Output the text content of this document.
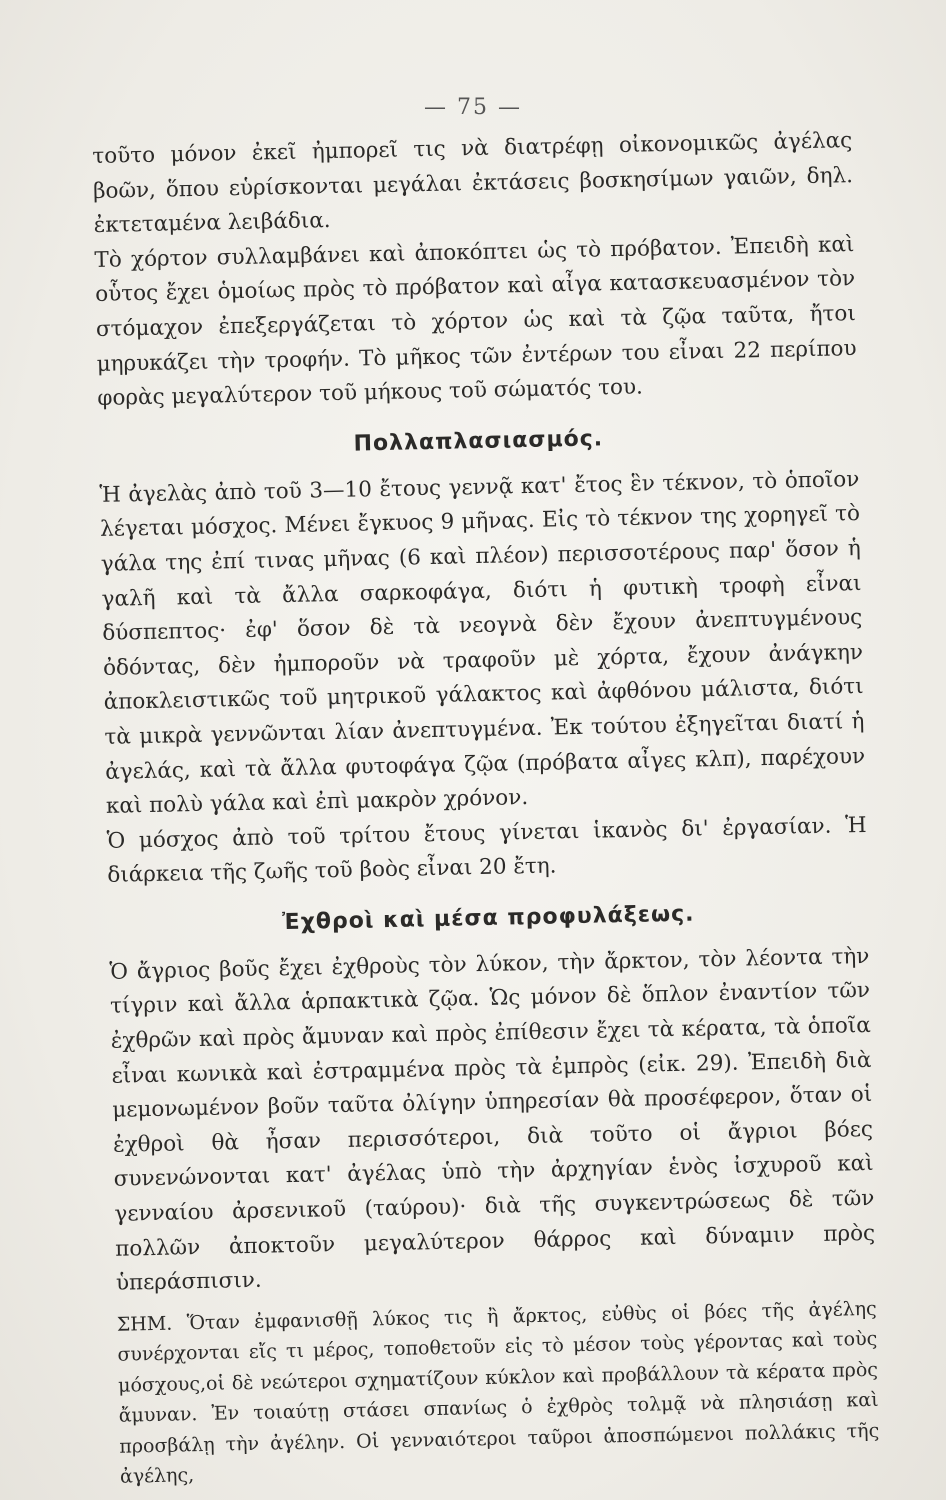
— 75 —

τοῦτο μόνον ἐκεῖ ἠμπορεῖ τις νὰ διατρέφῃ οἰκονομικῶς ἀγέλας βοῶν, ὅπου εὑρίσκονται μεγάλαι ἐκτάσεις βοσκησίμων γαιῶν, δηλ. ἐκτεταμένα λειβάδια.

Τὸ χόρτον συλλαμβάνει καὶ ἀποκόπτει ὡς τὸ πρόβατον. Ἐπειδὴ καὶ οὗτος ἔχει ὁμοίως πρὸς τὸ πρόβατον καὶ αἶγα κατασκευασμένον τὸν στόμαχον ἐπεξεργάζεται τὸ χόρτον ὡς καὶ τὰ ζῷα ταῦτα, ἤτοι μηρυκάζει τὴν τροφήν. Τὸ μῆκος τῶν ἐντέρων του εἶναι 22 περίπου φορὰς μεγαλύτερον τοῦ μήκους τοῦ σώματός του.

Πολλαπλασιασμός.

Ἡ ἀγελὰς ἀπὸ τοῦ 3—10 ἔτους γεννᾷ κατ' ἔτος ἓν τέκνον, τὸ ὁποῖον λέγεται μόσχος. Μένει ἔγκυος 9 μῆνας. Εἰς τὸ τέκνον της χορηγεῖ τὸ γάλα της ἐπί τινας μῆνας (6 καὶ πλέον) περισσοτέρους παρ' ὅσον ἡ γαλῆ καὶ τὰ ἄλλα σαρκοφάγα, διότι ἡ φυτικὴ τροφὴ εἶναι δύσπεπτος· ἐφ' ὅσον δὲ τὰ νεογνὰ δὲν ἔχουν ἀνεπτυγμένους ὀδόντας, δὲν ἠμποροῦν νὰ τραφοῦν μὲ χόρτα, ἔχουν ἀνάγκην ἀποκλειστικῶς τοῦ μητρικοῦ γάλακτος καὶ ἀφθόνου μάλιστα, διότι τὰ μικρὰ γεννῶνται λίαν ἀνεπτυγμένα. Ἐκ τούτου ἐξηγεῖται διατί ἡ ἀγελάς, καὶ τὰ ἄλλα φυτοφάγα ζῷα (πρόβατα αἶγες κλπ), παρέχουν καὶ πολὺ γάλα καὶ ἐπὶ μακρὸν χρόνον.

Ὁ μόσχος ἀπὸ τοῦ τρίτου ἔτους γίνεται ἱκανὸς δι' ἐργασίαν. Ἡ διάρκεια τῆς ζωῆς τοῦ βοὸς εἶναι 20 ἔτη.

Ἐχθροὶ καὶ μέσα προφυλάξεως.

Ὁ ἄγριος βοῦς ἔχει ἐχθροὺς τὸν λύκον, τὴν ἄρκτον, τὸν λέοντα τὴν τίγριν καὶ ἄλλα ἁρπακτικὰ ζῷα. Ὡς μόνον δὲ ὅπλον ἐναντίον τῶν ἐχθρῶν καὶ πρὸς ἄμυναν καὶ πρὸς ἐπίθεσιν ἔχει τὰ κέρατα, τὰ ὁποῖα εἶναι κωνικὰ καὶ ἐστραμμένα πρὸς τὰ ἐμπρὸς (εἰκ. 29). Ἐπειδὴ διὰ μεμονωμένον βοῦν ταῦτα ὀλίγην ὑπηρεσίαν θὰ προσέφερον, ὅταν οἱ ἐχθροὶ θὰ ἦσαν περισσότεροι, διὰ τοῦτο οἱ ἄγριοι βόες συνενώνονται κατ' ἀγέλας ὑπὸ τὴν ἀρχηγίαν ἑνὸς ἰσχυροῦ καὶ γενναίου ἀρσενικοῦ (ταύρου)· διὰ τῆς συγκεντρώσεως δὲ τῶν πολλῶν ἀποκτοῦν μεγαλύτερον θάρρος καὶ δύναμιν πρὸς ὑπεράσπισιν.

ΣΗΜ. Ὅταν ἐμφανισθῇ λύκος τις ἢ ἄρκτος, εὐθὺς οἱ βόες τῆς ἀγέλης συνέρχονται εἴς τι μέρος, τοποθετοῦν εἰς τὸ μέσον τοὺς γέροντας καὶ τοὺς μόσχους,οἱ δὲ νεώτεροι σχηματίζουν κύκλον καὶ προβάλλουν τὰ κέρατα πρὸς ἄμυναν. Ἐν τοιαύτῃ στάσει σπανίως ὁ ἐχθρὸς τολμᾷ νὰ πλησιάσῃ καὶ προσβάλῃ τὴν ἀγέλην. Οἱ γενναιότεροι ταῦροι ἀποσπώμενοι πολλάκις τῆς ἀγέλης,
